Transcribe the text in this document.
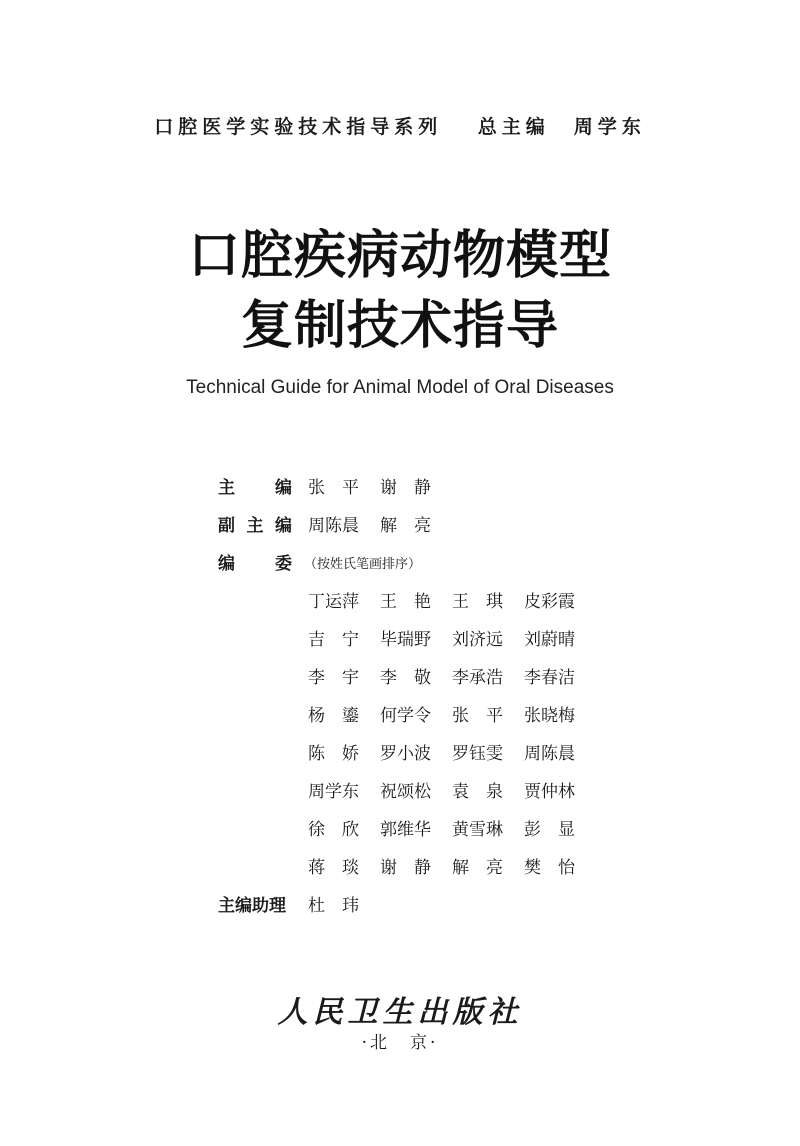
口腔医学实验技术指导系列　 总主编　周学东
口腔疾病动物模型
复制技术指导
Technical Guide for Animal Model of Oral Diseases
主 编 张　平 谢　静
副 主 编 周陈晨 解　亮
编 委 （按姓氏笔画排序）
丁运萍 王　艳 王　琪 皮彩霞
吉　宁 毕瑞野 刘济远 刘蔚晴
李　宇 李　敬 李承浩 李春洁
杨　鎏 何学令 张　平 张晓梅
陈　娇 罗小波 罗钰雯 周陈晨
周学东 祝颂松 袁　泉 贾仲林
徐　欣 郭维华 黄雪琳 彭　显
蒋　琰 谢　静 解　亮 樊　怡
主编助理	杜　玮
人民卫生出版社
·北　京·
